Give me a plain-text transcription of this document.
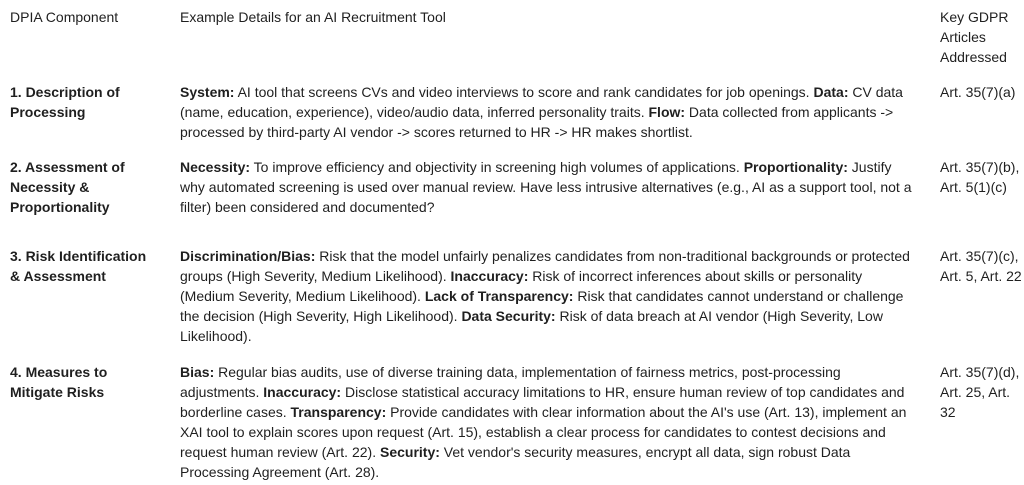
DPIA Component	Example Details for an AI Recruitment Tool	Key GDPR Articles Addressed
1. Description of Processing	System: AI tool that screens CVs and video interviews to score and rank candidates for job openings. Data: CV data (name, education, experience), video/audio data, inferred personality traits. Flow: Data collected from applicants -> processed by third-party AI vendor -> scores returned to HR -> HR makes shortlist.	Art. 35(7)(a)
2. Assessment of Necessity & Proportionality	Necessity: To improve efficiency and objectivity in screening high volumes of applications. Proportionality: Justify why automated screening is used over manual review. Have less intrusive alternatives (e.g., AI as a support tool, not a filter) been considered and documented?	Art. 35(7)(b), Art. 5(1)(c)
3. Risk Identification & Assessment	Discrimination/Bias: Risk that the model unfairly penalizes candidates from non-traditional backgrounds or protected groups (High Severity, Medium Likelihood). Inaccuracy: Risk of incorrect inferences about skills or personality (Medium Severity, Medium Likelihood). Lack of Transparency: Risk that candidates cannot understand or challenge the decision (High Severity, High Likelihood). Data Security: Risk of data breach at AI vendor (High Severity, Low Likelihood).	Art. 35(7)(c), Art. 5, Art. 22
4. Measures to Mitigate Risks	Bias: Regular bias audits, use of diverse training data, implementation of fairness metrics, post-processing adjustments. Inaccuracy: Disclose statistical accuracy limitations to HR, ensure human review of top candidates and borderline cases. Transparency: Provide candidates with clear information about the AI's use (Art. 13), implement an XAI tool to explain scores upon request (Art. 15), establish a clear process for candidates to contest decisions and request human review (Art. 22). Security: Vet vendor's security measures, encrypt all data, sign robust Data Processing Agreement (Art. 28).	Art. 35(7)(d), Art. 25, Art. 32
